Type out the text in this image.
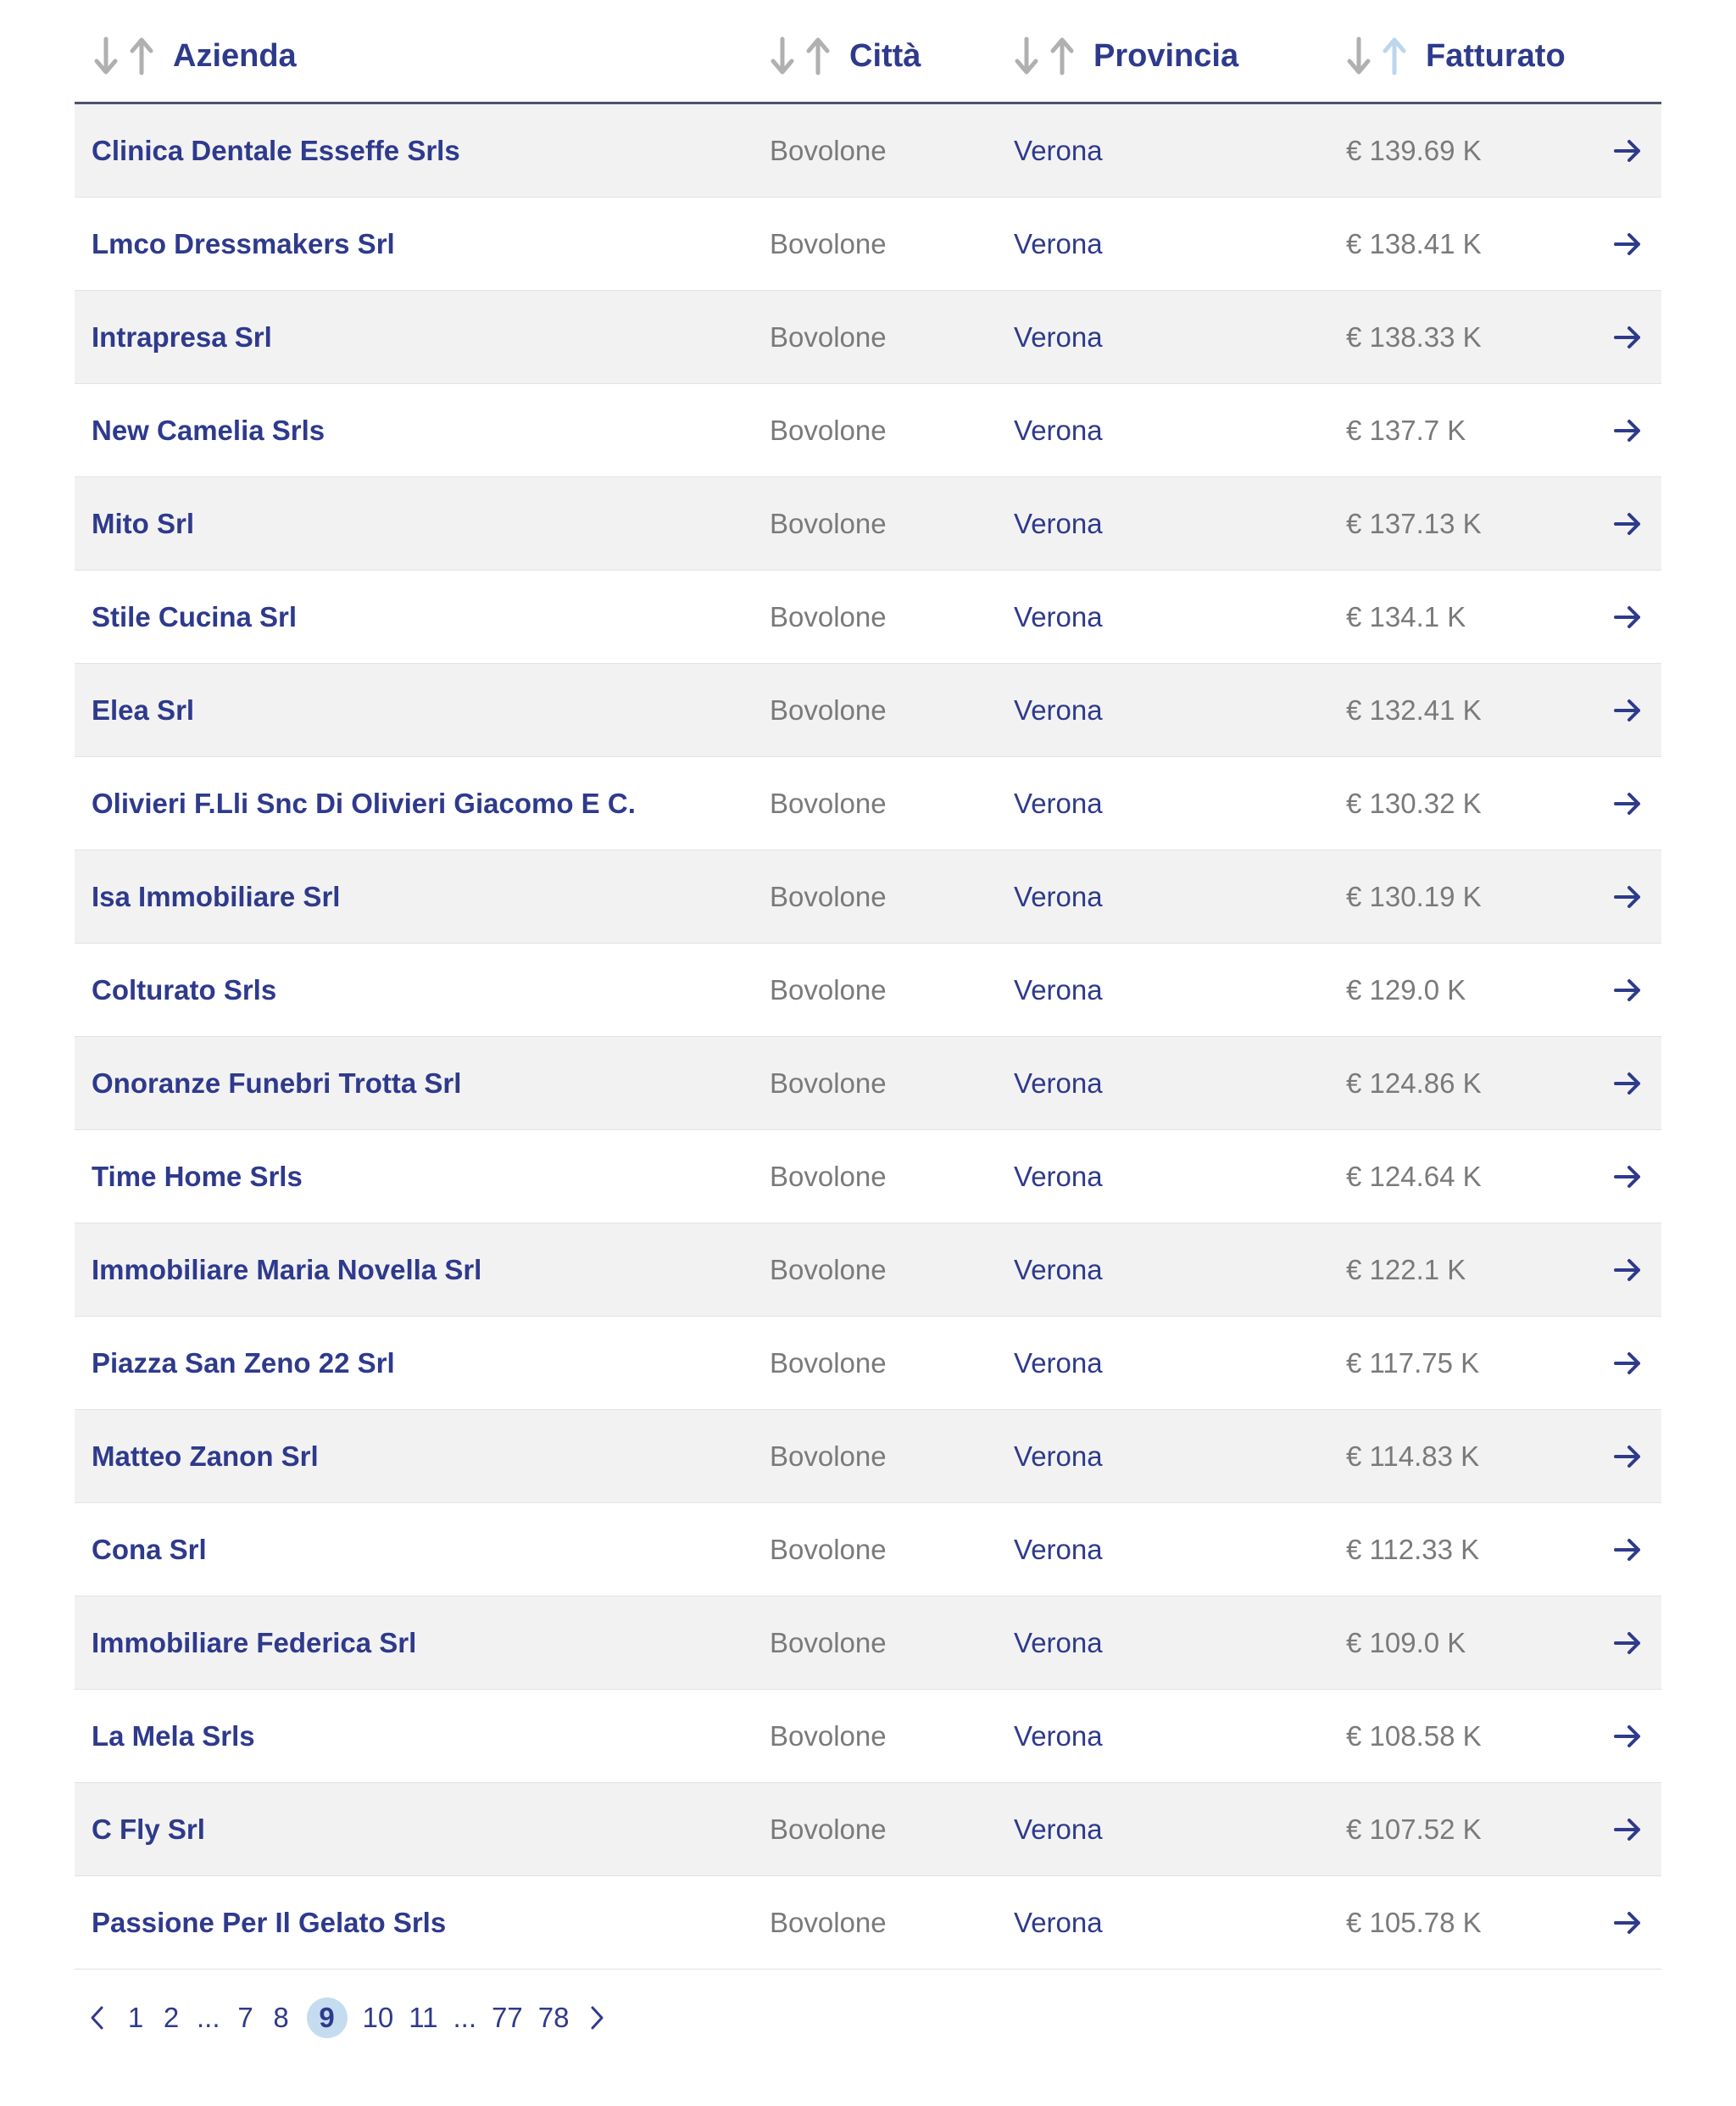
Azienda	Città	Provincia	Fatturato
Clinica Dentale Esseffe Srls	Bovolone	Verona	€ 139.69 K
Lmco Dressmakers Srl	Bovolone	Verona	€ 138.41 K
Intrapresa Srl	Bovolone	Verona	€ 138.33 K
New Camelia Srls	Bovolone	Verona	€ 137.7 K
Mito Srl	Bovolone	Verona	€ 137.13 K
Stile Cucina Srl	Bovolone	Verona	€ 134.1 K
Elea Srl	Bovolone	Verona	€ 132.41 K
Olivieri F.Lli Snc Di Olivieri Giacomo E C.	Bovolone	Verona	€ 130.32 K
Isa Immobiliare Srl	Bovolone	Verona	€ 130.19 K
Colturato Srls	Bovolone	Verona	€ 129.0 K
Onoranze Funebri Trotta Srl	Bovolone	Verona	€ 124.86 K
Time Home Srls	Bovolone	Verona	€ 124.64 K
Immobiliare Maria Novella Srl	Bovolone	Verona	€ 122.1 K
Piazza San Zeno 22 Srl	Bovolone	Verona	€ 117.75 K
Matteo Zanon Srl	Bovolone	Verona	€ 114.83 K
Cona Srl	Bovolone	Verona	€ 112.33 K
Immobiliare Federica Srl	Bovolone	Verona	€ 109.0 K
La Mela Srls	Bovolone	Verona	€ 108.58 K
C Fly Srl	Bovolone	Verona	€ 107.52 K
Passione Per Il Gelato Srls	Bovolone	Verona	€ 105.78 K
1 2 ... 7 8	9 10 11 ... 77 78
